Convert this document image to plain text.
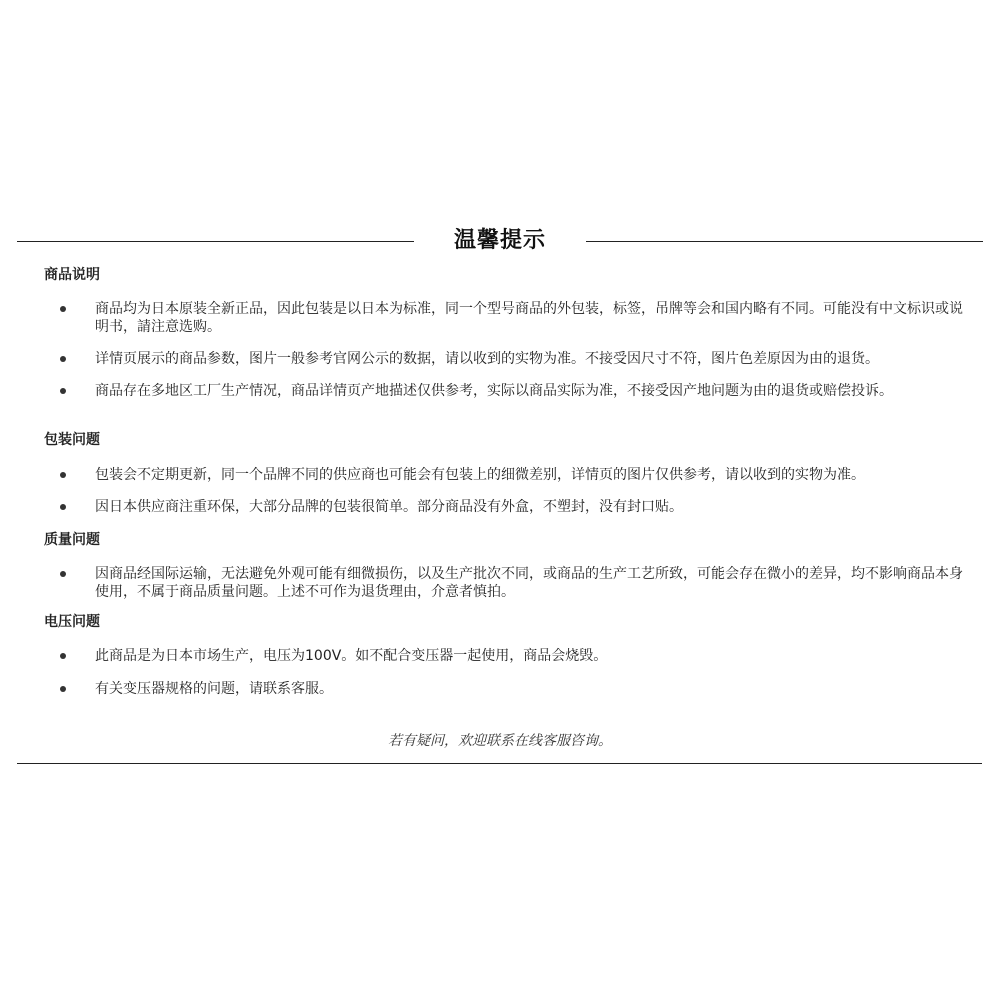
温馨提示
商品说明
商品均为日本原装全新正品，因此包装是以日本为标准，同一个型号商品的外包装，标签，吊牌等会和国内略有不同。可能没有中文标识或说明书，請注意选购。
详情页展示的商品参数，图片一般参考官网公示的数据，请以收到的实物为准。不接受因尺寸不符，图片色差原因为由的退货。
商品存在多地区工厂生产情况，商品详情页产地描述仅供参考，实际以商品实际为准，不接受因产地问题为由的退货或赔偿投诉。
包装问题
包装会不定期更新，同一个品牌不同的供应商也可能会有包装上的细微差别，详情页的图片仅供参考，请以收到的实物为准。
因日本供应商注重环保，大部分品牌的包装很简单。部分商品没有外盒，不塑封，没有封口贴。
质量问题
因商品经国际运输，无法避免外观可能有细微损伤，以及生产批次不同，或商品的生产工艺所致，可能会存在微小的差异，均不影响商品本身使用，不属于商品质量问题。上述不可作为退货理由，介意者慎拍。
电压问题
此商品是为日本市场生产，电压为100V。如不配合变压器一起使用，商品会烧毁。
有关变压器规格的问题，请联系客服。
若有疑问，欢迎联系在线客服咨询。
